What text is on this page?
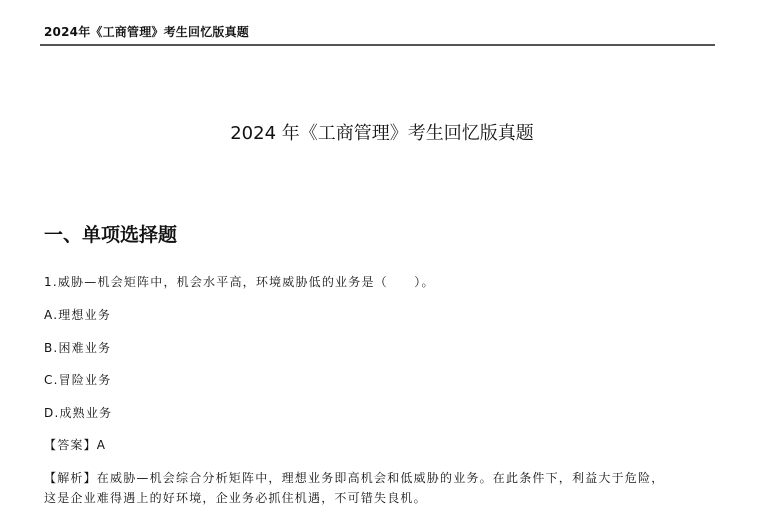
2024年《工商管理》考生回忆版真题
2024 年《工商管理》考生回忆版真题
一、单项选择题
1.威胁—机会矩阵中，机会水平高，环境威胁低的业务是（　　）。
A.理想业务
B.困难业务
C.冒险业务
D.成熟业务
【答案】A
【解析】在威胁—机会综合分析矩阵中，理想业务即高机会和低威胁的业务。在此条件下，利益大于危险，
这是企业难得遇上的好环境，企业务必抓住机遇，不可错失良机。
